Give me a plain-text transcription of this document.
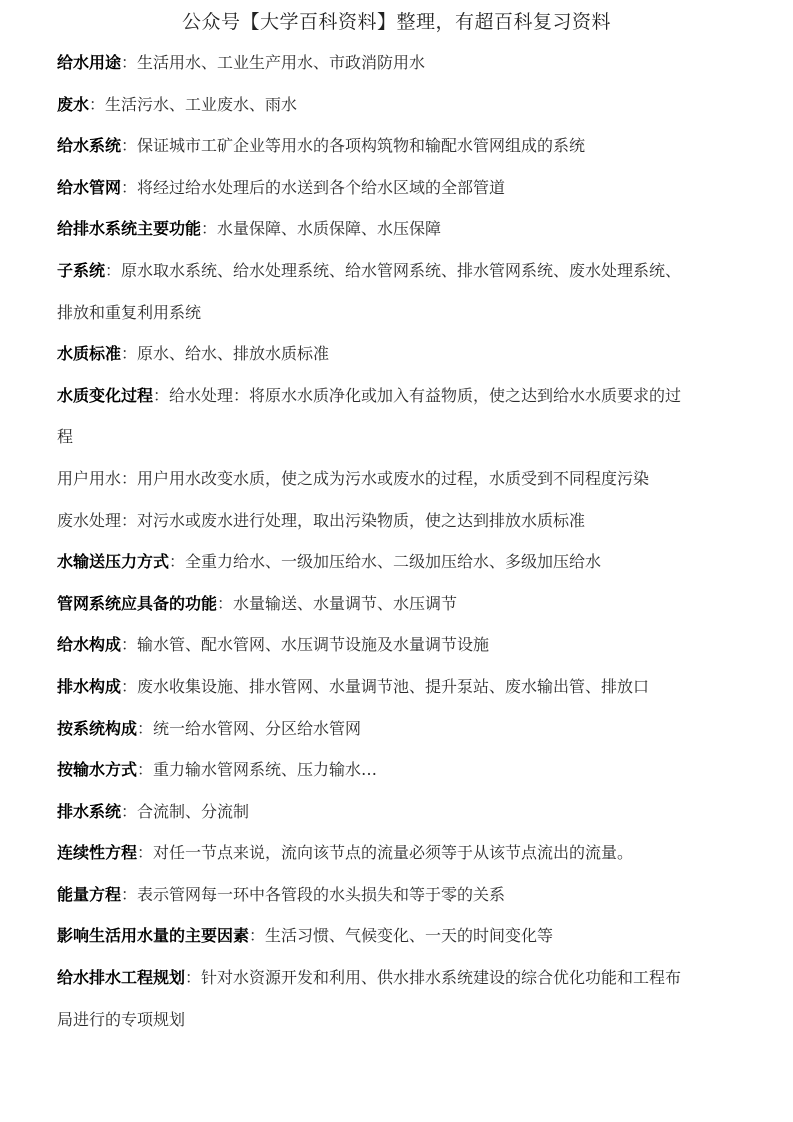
公众号【大学百科资料】整理，有超百科复习资料
给水用途：生活用水、工业生产用水、市政消防用水
废水：生活污水、工业废水、雨水
给水系统：保证城市工矿企业等用水的各项构筑物和输配水管网组成的系统
给水管网：将经过给水处理后的水送到各个给水区域的全部管道
给排水系统主要功能：水量保障、水质保障、水压保障
子系统：原水取水系统、给水处理系统、给水管网系统、排水管网系统、废水处理系统、
排放和重复利用系统
水质标准：原水、给水、排放水质标准
水质变化过程：给水处理：将原水水质净化或加入有益物质，使之达到给水水质要求的过
程
用户用水：用户用水改变水质，使之成为污水或废水的过程，水质受到不同程度污染
废水处理：对污水或废水进行处理，取出污染物质，使之达到排放水质标准
水输送压力方式：全重力给水、一级加压给水、二级加压给水、多级加压给水
管网系统应具备的功能：水量输送、水量调节、水压调节
给水构成：输水管、配水管网、水压调节设施及水量调节设施
排水构成：废水收集设施、排水管网、水量调节池、提升泵站、废水输出管、排放口
按系统构成：统一给水管网、分区给水管网
按输水方式：重力输水管网系统、压力输水…
排水系统：合流制、分流制
连续性方程：对任一节点来说，流向该节点的流量必须等于从该节点流出的流量。
能量方程：表示管网每一环中各管段的水头损失和等于零的关系
影响生活用水量的主要因素：生活习惯、气候变化、一天的时间变化等
给水排水工程规划：针对水资源开发和利用、供水排水系统建设的综合优化功能和工程布
局进行的专项规划
